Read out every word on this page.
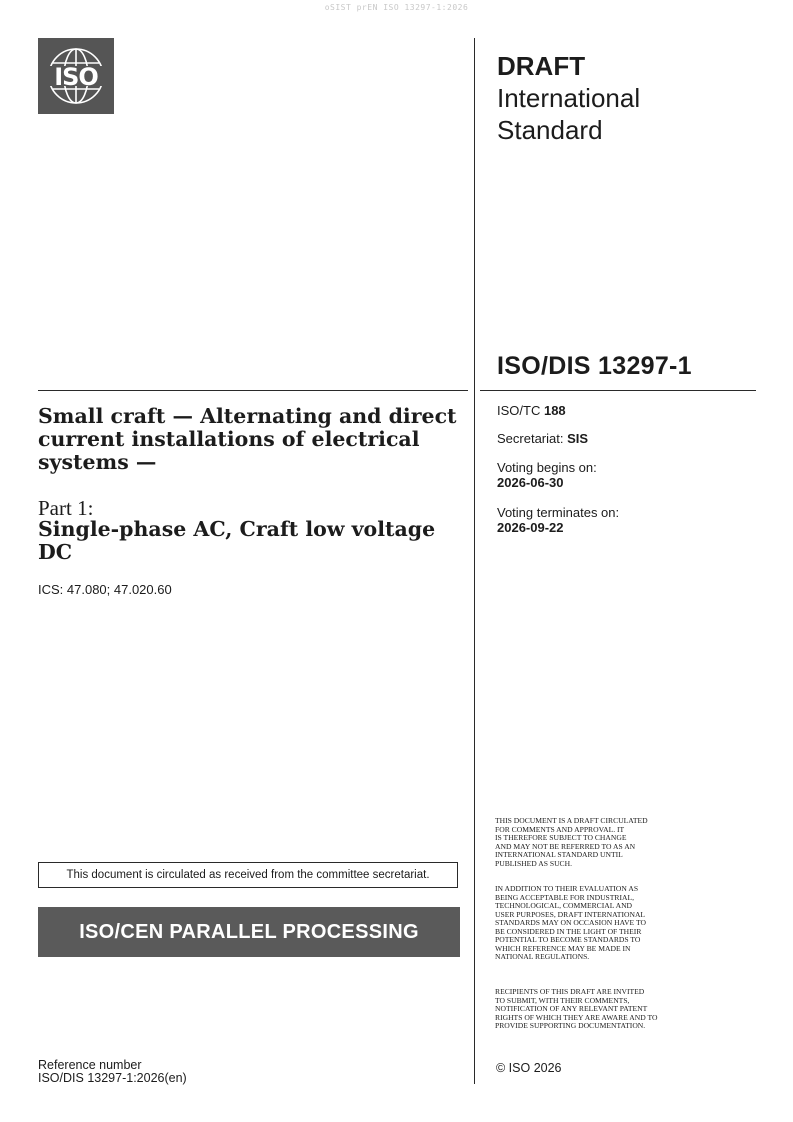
oSIST prEN ISO 13297-1:2026
ISO	DRAFT
International
Standard
ISO/DIS 13297-1
ISO/TC 188
Secretariat: SIS
Voting begins on:
2026-06-30
Voting terminates on:
2026-09-22
Small craft — Alternating and direct current installations of electrical systems —
Part 1:
Single-phase AC, Craft low voltage DC
ICS: 47.080; 47.020.60
This document is circulated as received from the committee secretariat.
ISO/CEN PARALLEL PROCESSING
THIS DOCUMENT IS A DRAFT CIRCULATED
FOR COMMENTS AND APPROVAL. IT
IS THEREFORE SUBJECT TO CHANGE
AND MAY NOT BE REFERRED TO AS AN
INTERNATIONAL STANDARD UNTIL
PUBLISHED AS SUCH.
IN ADDITION TO THEIR EVALUATION AS
BEING ACCEPTABLE FOR INDUSTRIAL,
TECHNOLOGICAL, COMMERCIAL AND
USER PURPOSES, DRAFT INTERNATIONAL
STANDARDS MAY ON OCCASION HAVE TO
BE CONSIDERED IN THE LIGHT OF THEIR
POTENTIAL TO BECOME STANDARDS TO
WHICH REFERENCE MAY BE MADE IN
NATIONAL REGULATIONS.
RECIPIENTS OF THIS DRAFT ARE INVITED
TO SUBMIT, WITH THEIR COMMENTS,
NOTIFICATION OF ANY RELEVANT PATENT
RIGHTS OF WHICH THEY ARE AWARE AND TO
PROVIDE SUPPORTING DOCUMENTATION.
Reference number
ISO/DIS 13297-1:2026(en)
© ISO 2026
